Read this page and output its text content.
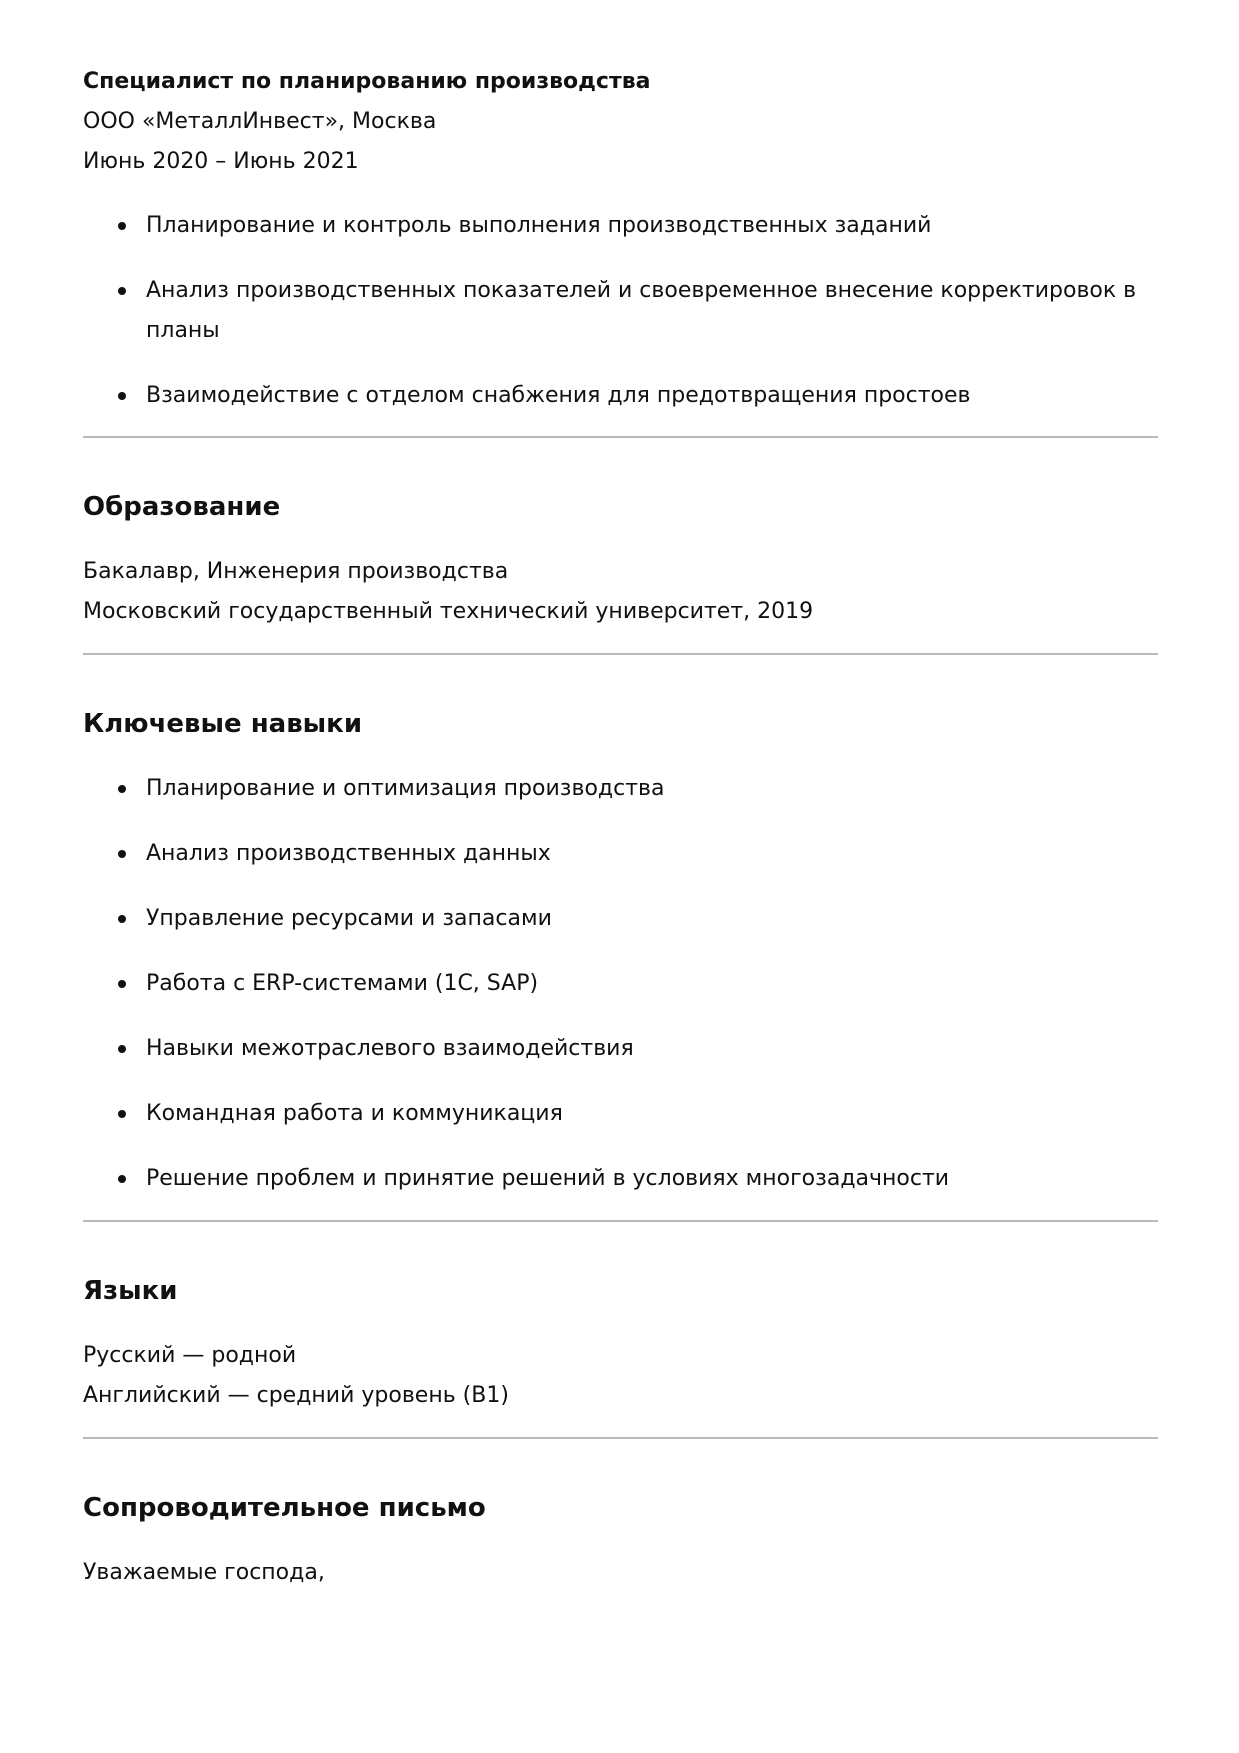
Специалист по планированию производства

ООО «МеталлИнвест», Москва

Июнь 2020 – Июнь 2021

Планирование и контроль выполнения производственных заданий
Анализ производственных показателей и своевременное внесение корректировок в планы
Взаимодействие с отделом снабжения для предотвращения простоев
Образование

Бакалавр, Инженерия производства

Московский государственный технический университет, 2019

Ключевые навыки
Планирование и оптимизация производства
Анализ производственных данных
Управление ресурсами и запасами
Работа с ERP-системами (1С, SAP)
Навыки межотраслевого взаимодействия
Командная работа и коммуникация
Решение проблем и принятие решений в условиях многозадачности
Языки

Русский — родной

Английский — средний уровень (B1)

Сопроводительное письмо

Уважаемые господа,
